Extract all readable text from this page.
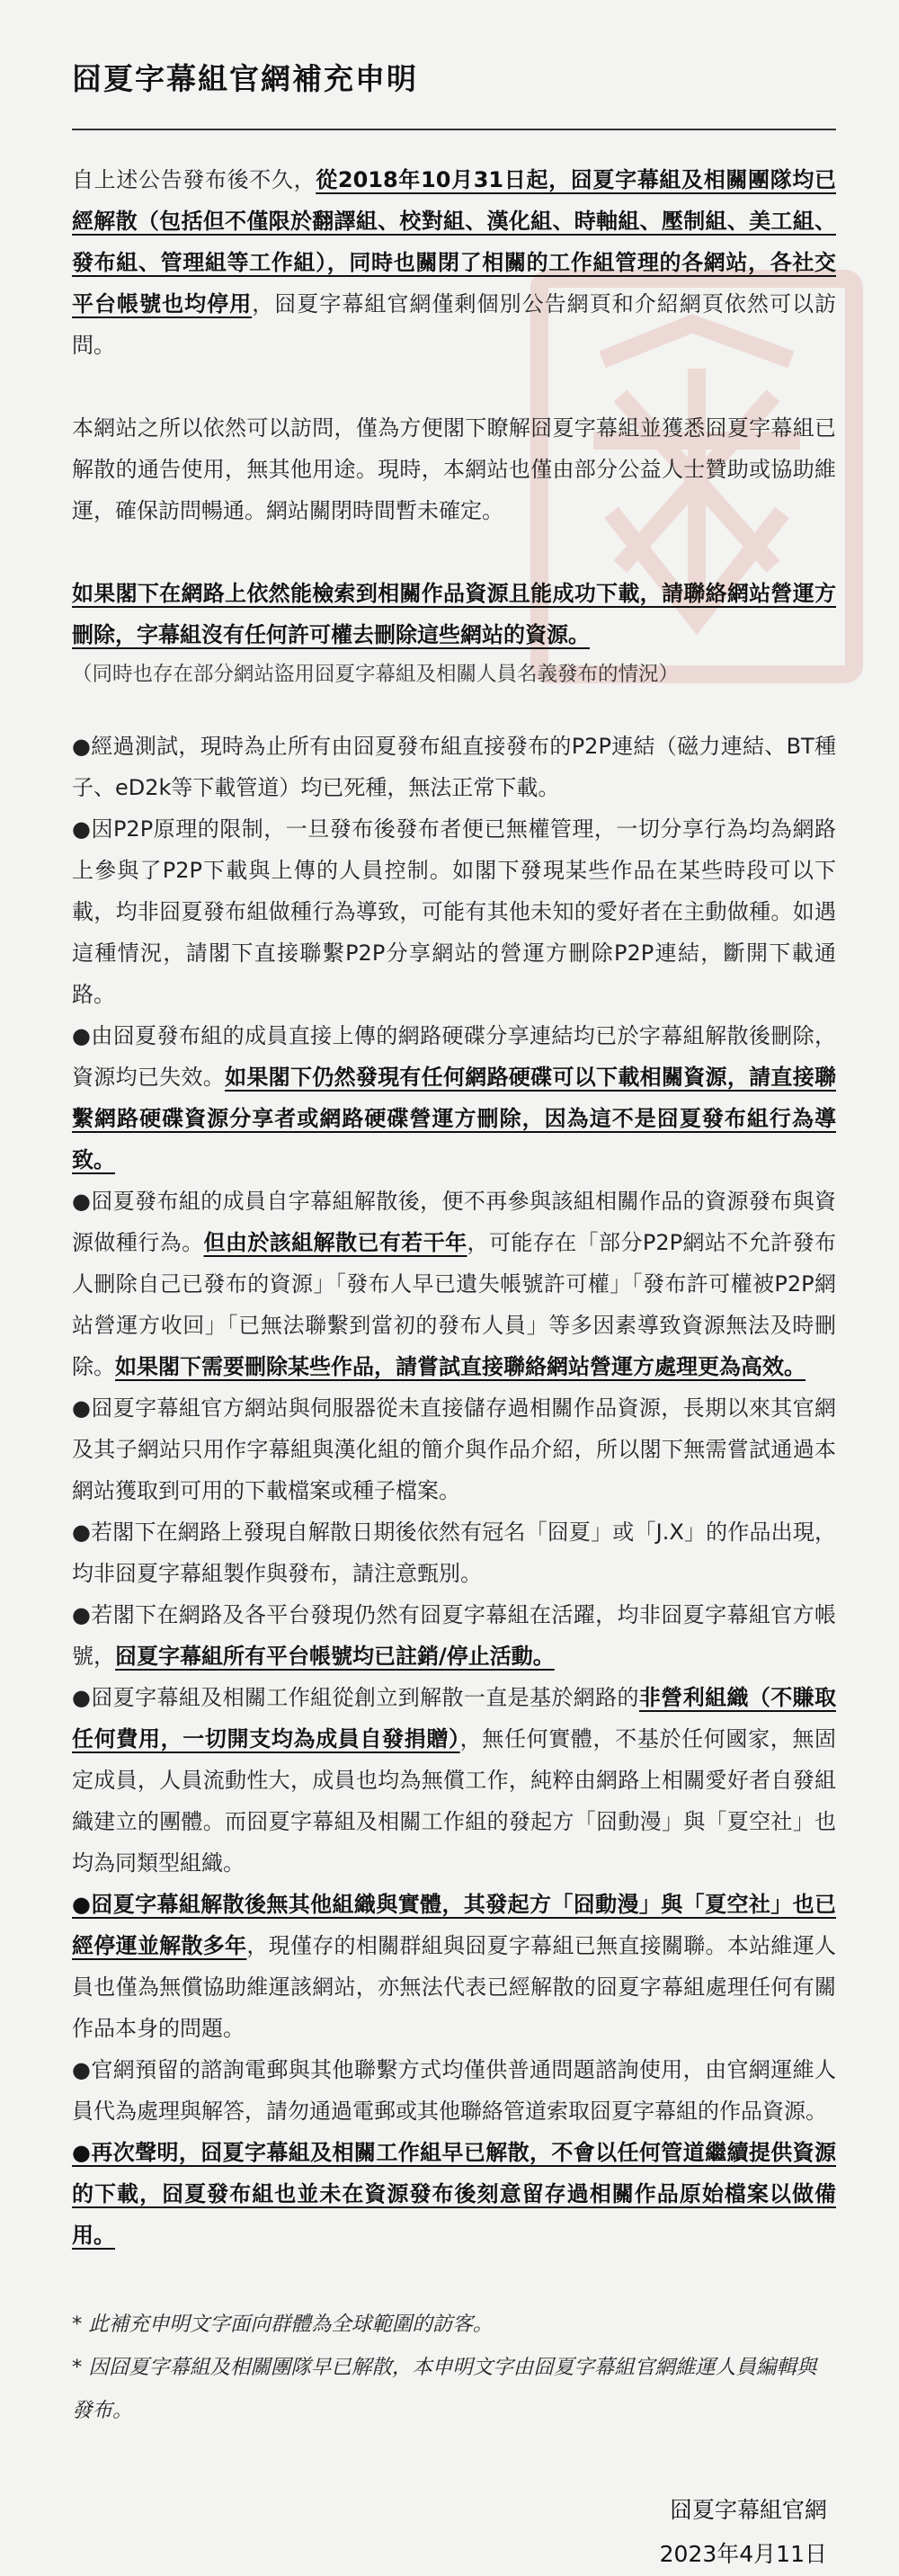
囧夏字幕組官網補充申明

自上述公告發布後不久，從2018年10月31日起，囧夏字幕組及相關團隊均已經解散（包括但不僅限於翻譯組、校對組、漢化組、時軸組、壓制組、美工組、發布組、管理組等工作組），同時也關閉了相關的工作組管理的各網站，各社交平台帳號也均停用，囧夏字幕組官網僅剩個別公告網頁和介紹網頁依然可以訪問。

本網站之所以依然可以訪問，僅為方便閣下瞭解囧夏字幕組並獲悉囧夏字幕組已解散的通告使用，無其他用途。現時，本網站也僅由部分公益人士贊助或協助維運，確保訪問暢通。網站關閉時間暫未確定。

如果閣下在網路上依然能檢索到相關作品資源且能成功下載，請聯絡網站營運方刪除，字幕組沒有任何許可權去刪除這些網站的資源。

（同時也存在部分網站盜用囧夏字幕組及相關人員名義發布的情況）

●經過測試，現時為止所有由囧夏發布組直接發布的P2P連結（磁力連結、BT種子、eD2k等下載管道）均已死種，無法正常下載。

●因P2P原理的限制，一旦發布後發布者便已無權管理，一切分享行為均為網路上參與了P2P下載與上傳的人員控制。如閣下發現某些作品在某些時段可以下載，均非囧夏發布組做種行為導致，可能有其他未知的愛好者在主動做種。如遇這種情況，請閣下直接聯繫P2P分享網站的營運方刪除P2P連結，斷開下載通路。

●由囧夏發布組的成員直接上傳的網路硬碟分享連結均已於字幕組解散後刪除，資源均已失效。如果閣下仍然發現有任何網路硬碟可以下載相關資源，請直接聯繫網路硬碟資源分享者或網路硬碟營運方刪除，因為這不是囧夏發布組行為導致。

●囧夏發布組的成員自字幕組解散後，便不再參與該組相關作品的資源發布與資源做種行為。但由於該組解散已有若干年，可能存在「部分P2P網站不允許發布人刪除自己已發布的資源」「發布人早已遺失帳號許可權」「發布許可權被P2P網站營運方收回」「已無法聯繫到當初的發布人員」等多因素導致資源無法及時刪除。如果閣下需要刪除某些作品，請嘗試直接聯絡網站營運方處理更為高效。

●囧夏字幕組官方網站與伺服器從未直接儲存過相關作品資源，長期以來其官網及其子網站只用作字幕組與漢化組的簡介與作品介紹，所以閣下無需嘗試通過本網站獲取到可用的下載檔案或種子檔案。

●若閣下在網路上發現自解散日期後依然有冠名「囧夏」或「J.X」的作品出現，均非囧夏字幕組製作與發布，請注意甄別。

●若閣下在網路及各平台發現仍然有囧夏字幕組在活躍，均非囧夏字幕組官方帳號，囧夏字幕組所有平台帳號均已註銷/停止活動。

●囧夏字幕組及相關工作組從創立到解散一直是基於網路的非營利組織（不賺取任何費用，一切開支均為成員自發捐贈），無任何實體，不基於任何國家，無固定成員，人員流動性大，成員也均為無償工作，純粹由網路上相關愛好者自發組織建立的團體。而囧夏字幕組及相關工作組的發起方「囧動漫」與「夏空社」也均為同類型組織。

●囧夏字幕組解散後無其他組織與實體，其發起方「囧動漫」與「夏空社」也已經停運並解散多年，現僅存的相關群組與囧夏字幕組已無直接關聯。本站維運人員也僅為無償協助維運該網站，亦無法代表已經解散的囧夏字幕組處理任何有關作品本身的問題。

●官網預留的諮詢電郵與其他聯繫方式均僅供普通問題諮詢使用，由官網運維人員代為處理與解答，請勿通過電郵或其他聯絡管道索取囧夏字幕組的作品資源。

●再次聲明，囧夏字幕組及相關工作組早已解散，不會以任何管道繼續提供資源的下載，囧夏發布組也並未在資源發布後刻意留存過相關作品原始檔案以做備用。

* 此補充申明文字面向群體為全球範圍的訪客。

* 因囧夏字幕組及相關團隊早已解散，本申明文字由囧夏字幕組官網維運人員編輯與發布。

囧夏字幕組官網

2023年4月11日
